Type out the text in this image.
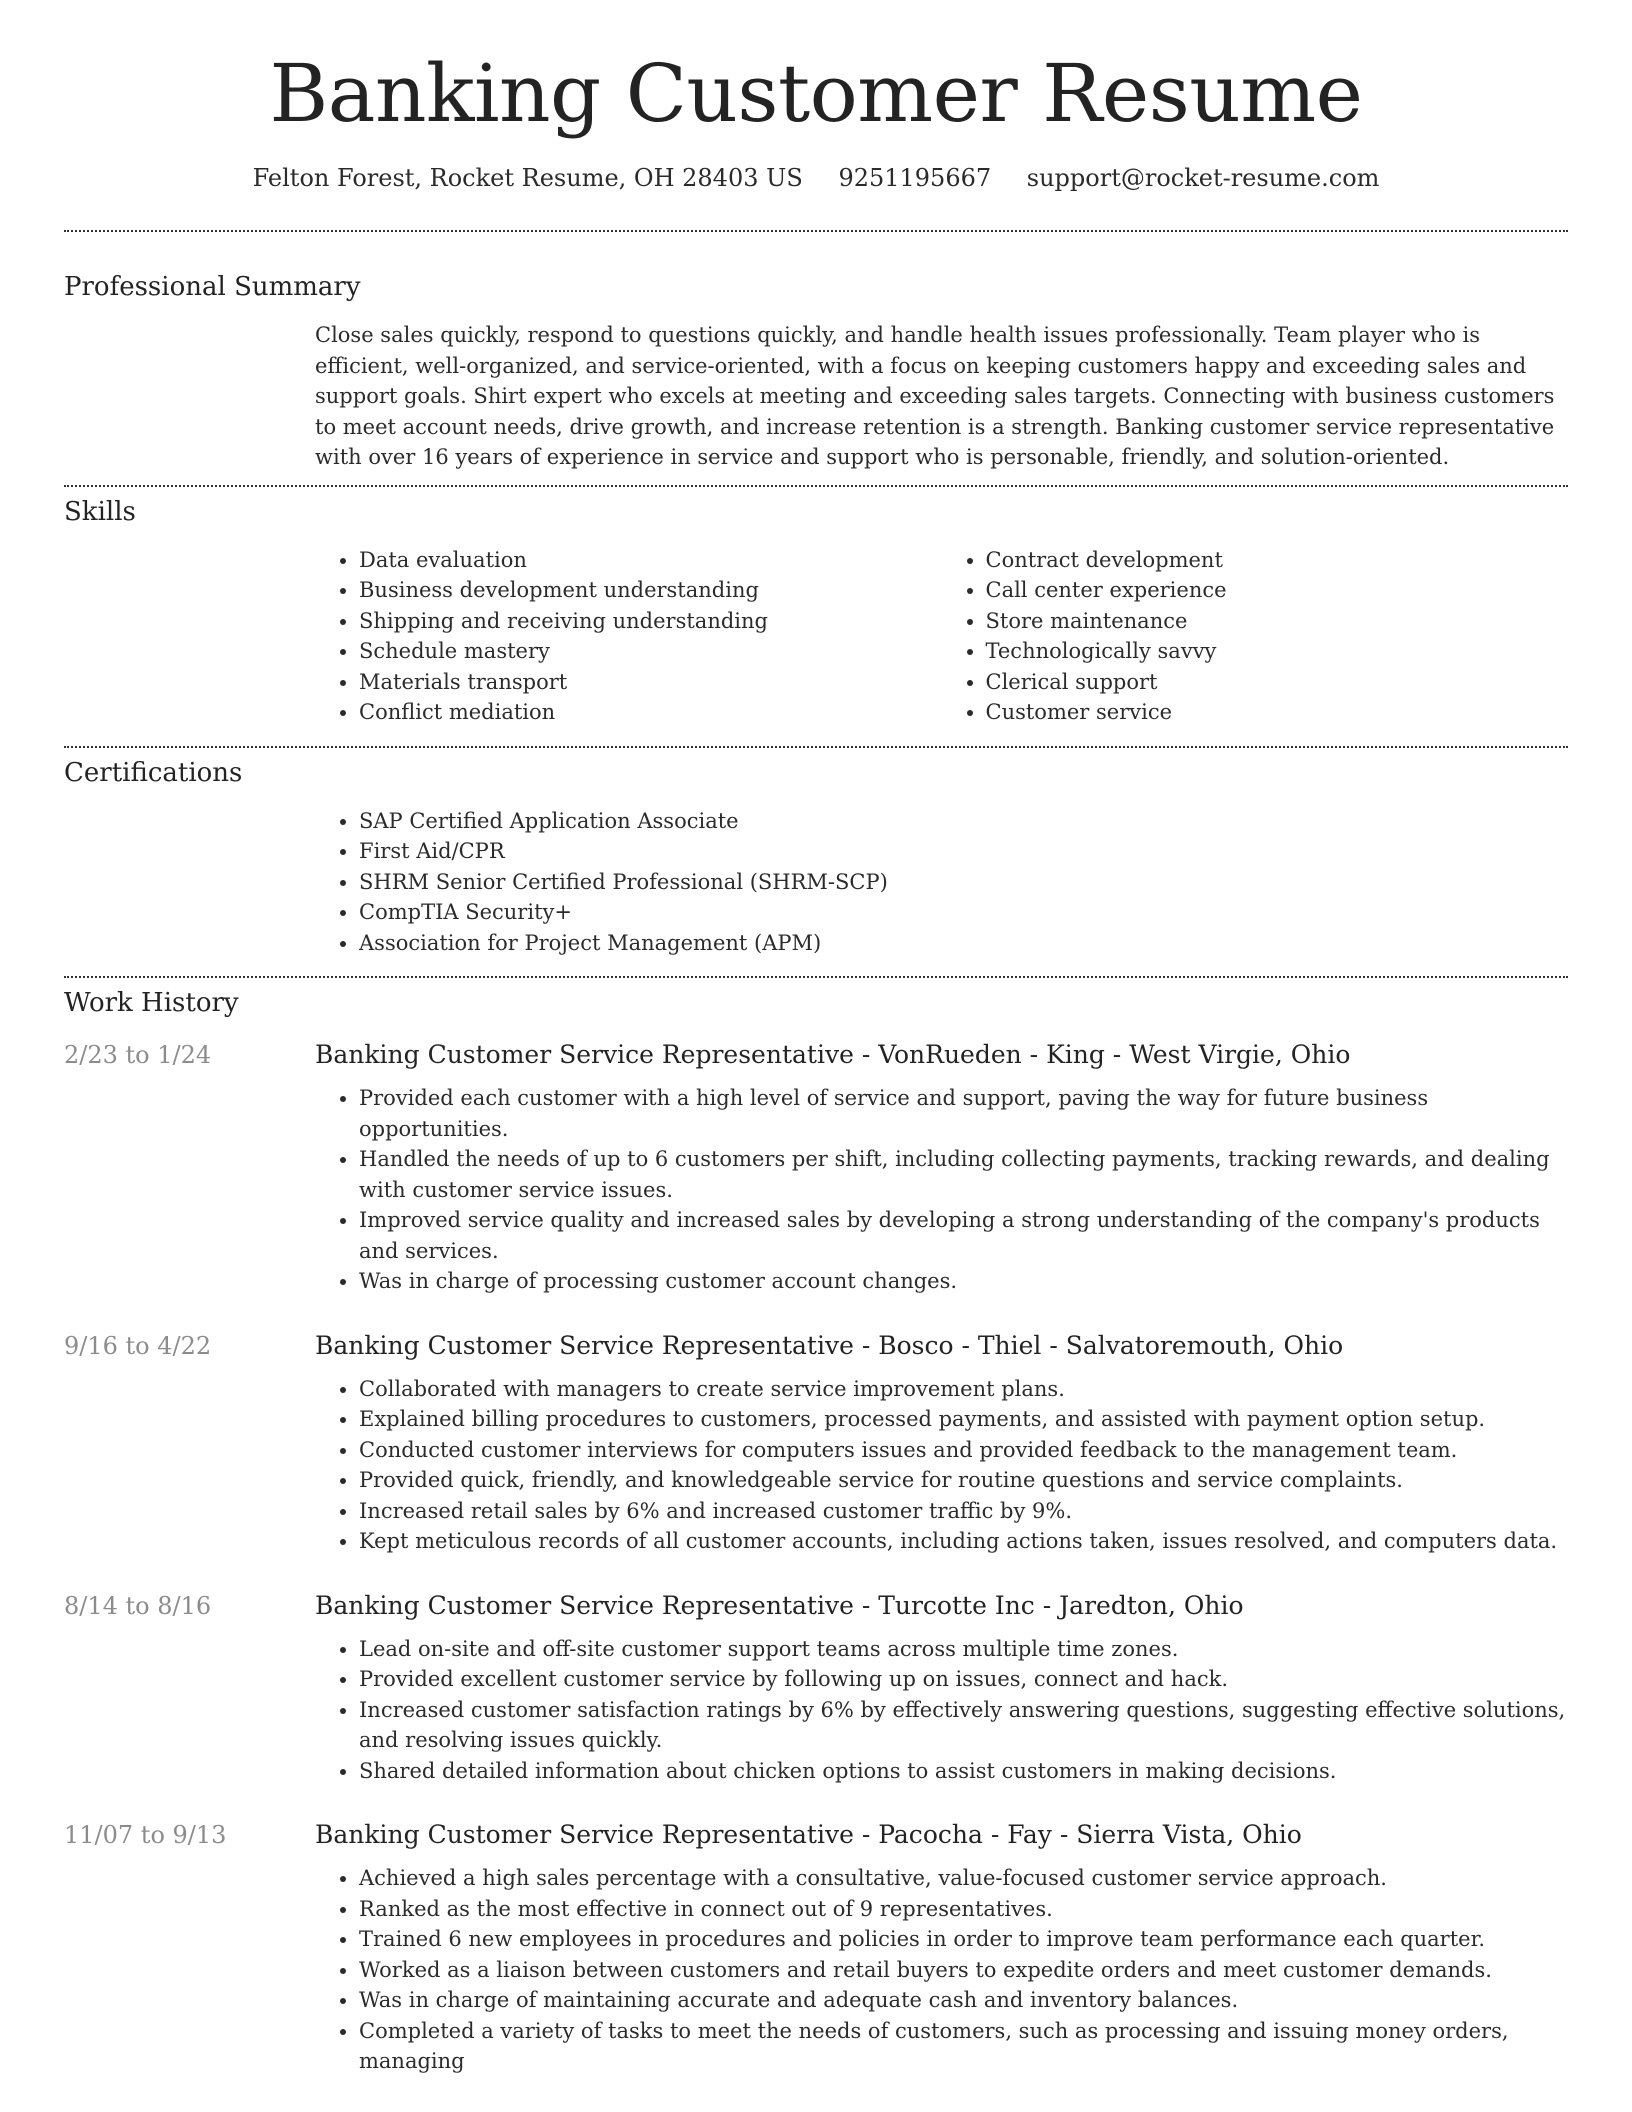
Banking Customer Resume
Felton Forest, Rocket Resume, OH 28403 US 9251195667 support@rocket-resume.com
Professional Summary

Close sales quickly, respond to questions quickly, and handle health issues professionally. Team player who is efficient, well-organized, and service-oriented, with a focus on keeping customers happy and exceeding sales and support goals. Shirt expert who excels at meeting and exceeding sales targets. Connecting with business customers to meet account needs, drive growth, and increase retention is a strength. Banking customer service representative with over 16 years of experience in service and support who is personable, friendly, and solution-oriented.

Skills
• Data evaluation
• Business development understanding
• Shipping and receiving understanding
• Schedule mastery
• Materials transport
• Conflict mediation
• Contract development
• Call center experience
• Store maintenance
• Technologically savvy
• Clerical support
• Customer service
Certifications
• SAP Certified Application Associate
• First Aid/CPR
• SHRM Senior Certified Professional (SHRM-SCP)
• CompTIA Security+
• Association for Project Management (APM)
Work History
2/23 to 1/24	Banking Customer Service Representative - VonRueden - King - West Virgie, Ohio
• Provided each customer with a high level of service and support, paving the way for future business opportunities.
• Handled the needs of up to 6 customers per shift, including collecting payments, tracking rewards, and dealing with customer service issues.
• Improved service quality and increased sales by developing a strong understanding of the company's products and services.
• Was in charge of processing customer account changes.
9/16 to 4/22	Banking Customer Service Representative - Bosco - Thiel - Salvatoremouth, Ohio
• Collaborated with managers to create service improvement plans.
• Explained billing procedures to customers, processed payments, and assisted with payment option setup.
• Conducted customer interviews for computers issues and provided feedback to the management team.
• Provided quick, friendly, and knowledgeable service for routine questions and service complaints.
• Increased retail sales by 6% and increased customer traffic by 9%.
• Kept meticulous records of all customer accounts, including actions taken, issues resolved, and computers data.
8/14 to 8/16	Banking Customer Service Representative - Turcotte Inc - Jaredton, Ohio
• Lead on-site and off-site customer support teams across multiple time zones.
• Provided excellent customer service by following up on issues, connect and hack.
• Increased customer satisfaction ratings by 6% by effectively answering questions, suggesting effective solutions, and resolving issues quickly.
• Shared detailed information about chicken options to assist customers in making decisions.
11/07 to 9/13	Banking Customer Service Representative - Pacocha - Fay - Sierra Vista, Ohio
• Achieved a high sales percentage with a consultative, value-focused customer service approach.
• Ranked as the most effective in connect out of 9 representatives.
• Trained 6 new employees in procedures and policies in order to improve team performance each quarter.
• Worked as a liaison between customers and retail buyers to expedite orders and meet customer demands.
• Was in charge of maintaining accurate and adequate cash and inventory balances.
• Completed a variety of tasks to meet the needs of customers, such as processing and issuing money orders, managing
